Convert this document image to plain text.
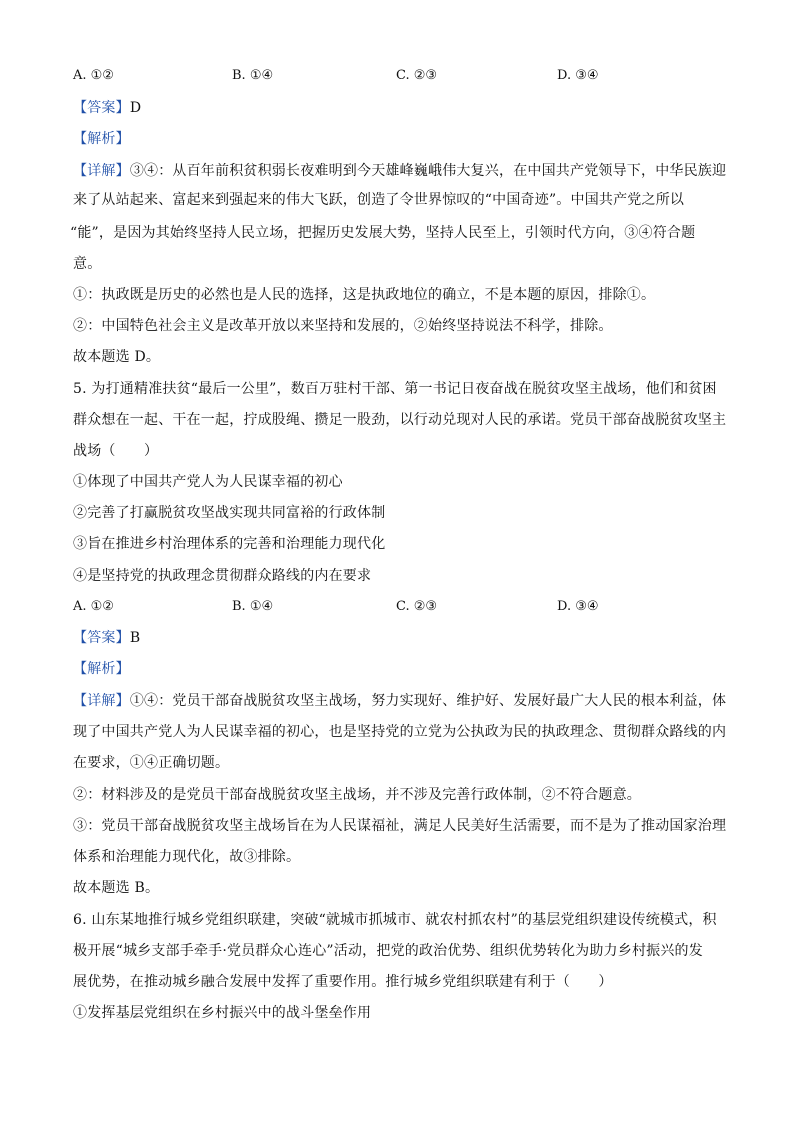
A. ①②	B. ①④	C. ②③	D. ③④
【答案】D
【解析】
【详解】③④：从百年前积贫积弱长夜难明到今天雄峰巍峨伟大复兴，在中国共产党领导下，中华民族迎
来了从站起来、富起来到强起来的伟大飞跃，创造了令世界惊叹的“中国奇迹”。中国共产党之所以
“能”，是因为其始终坚持人民立场，把握历史发展大势，坚持人民至上，引领时代方向，③④符合题
意。
①：执政既是历史的必然也是人民的选择，这是执政地位的确立，不是本题的原因，排除①。
②：中国特色社会主义是改革开放以来坚持和发展的，②始终坚持说法不科学，排除。
故本题选 D。
5. 为打通精准扶贫“最后一公里”，数百万驻村干部、第一书记日夜奋战在脱贫攻坚主战场，他们和贫困
群众想在一起、干在一起，拧成股绳、攒足一股劲，以行动兑现对人民的承诺。党员干部奋战脱贫攻坚主
战场（　　）
①体现了中国共产党人为人民谋幸福的初心
②完善了打赢脱贫攻坚战实现共同富裕的行政体制
③旨在推进乡村治理体系的完善和治理能力现代化
④是坚持党的执政理念贯彻群众路线的内在要求
A. ①②	B. ①④	C. ②③	D. ③④
【答案】B
【解析】
【详解】①④：党员干部奋战脱贫攻坚主战场，努力实现好、维护好、发展好最广大人民的根本利益，体
现了中国共产党人为人民谋幸福的初心，也是坚持党的立党为公执政为民的执政理念、贯彻群众路线的内
在要求，①④正确切题。
②：材料涉及的是党员干部奋战脱贫攻坚主战场，并不涉及完善行政体制，②不符合题意。
③：党员干部奋战脱贫攻坚主战场旨在为人民谋福祉，满足人民美好生活需要，而不是为了推动国家治理
体系和治理能力现代化，故③排除。
故本题选 B。
6. 山东某地推行城乡党组织联建，突破“就城市抓城市、就农村抓农村”的基层党组织建设传统模式，积
极开展“城乡支部手牵手·党员群众心连心”活动，把党的政治优势、组织优势转化为助力乡村振兴的发
展优势，在推动城乡融合发展中发挥了重要作用。推行城乡党组织联建有利于（　　）
①发挥基层党组织在乡村振兴中的战斗堡垒作用
